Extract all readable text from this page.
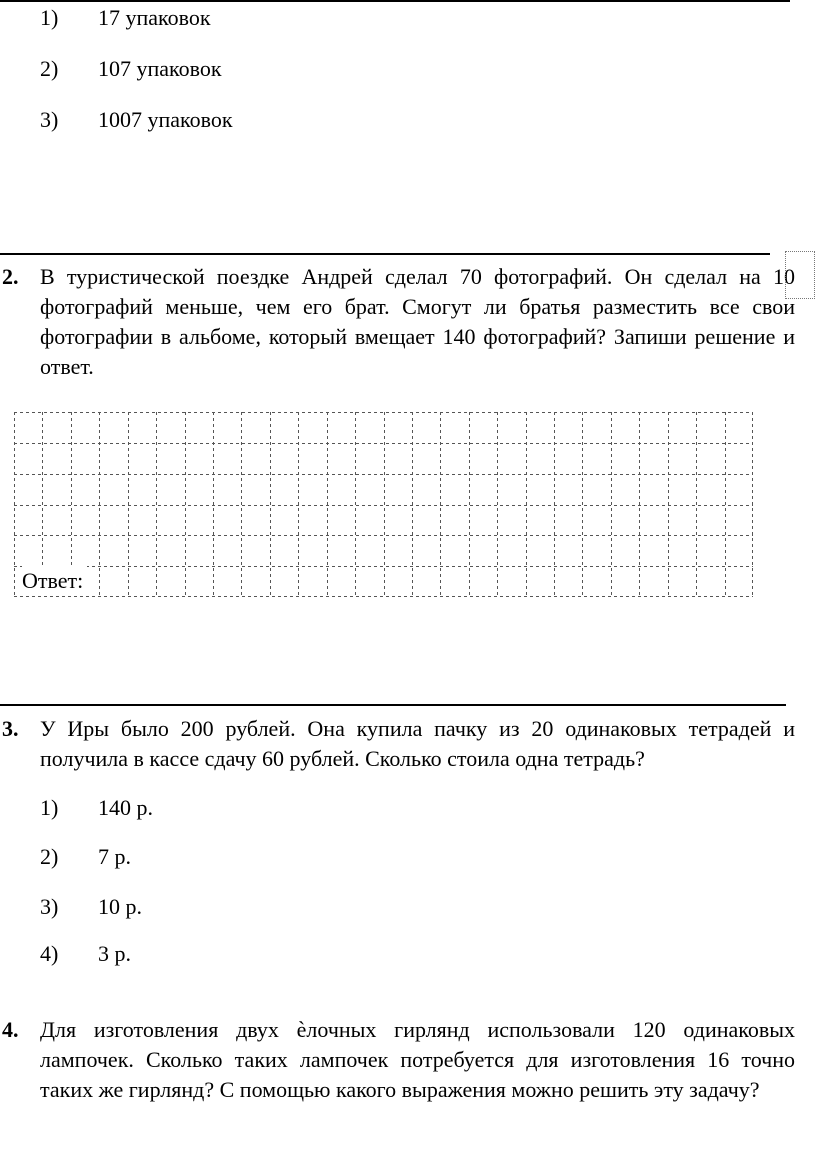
1) 17 упаковок
2) 107 упаковок
3) 1007 упаковок
2. В туристической поездке Андрей сделал 70 фотографий. Он сделал на 10 фотографий меньше, чем его брат. Смогут ли братья разместить все свои фотографии в альбоме, который вмещает 140 фотографий? Запиши решение и ответ.
Ответ:
3. У Иры было 200 рублей. Она купила пачку из 20 одинаковых тетрадей и получила в кассе сдачу 60 рублей. Сколько стоила одна тетрадь?
1) 140 р.
2) 7 р.
3) 10 р.
4) 3 р.
4. Для изготовления двух ѐлочных гирлянд использовали 120 одинаковых лампочек. Сколько таких лампочек потребуется для изготовления 16 точно таких же гирлянд? С помощью какого выражения можно решить эту задачу?
